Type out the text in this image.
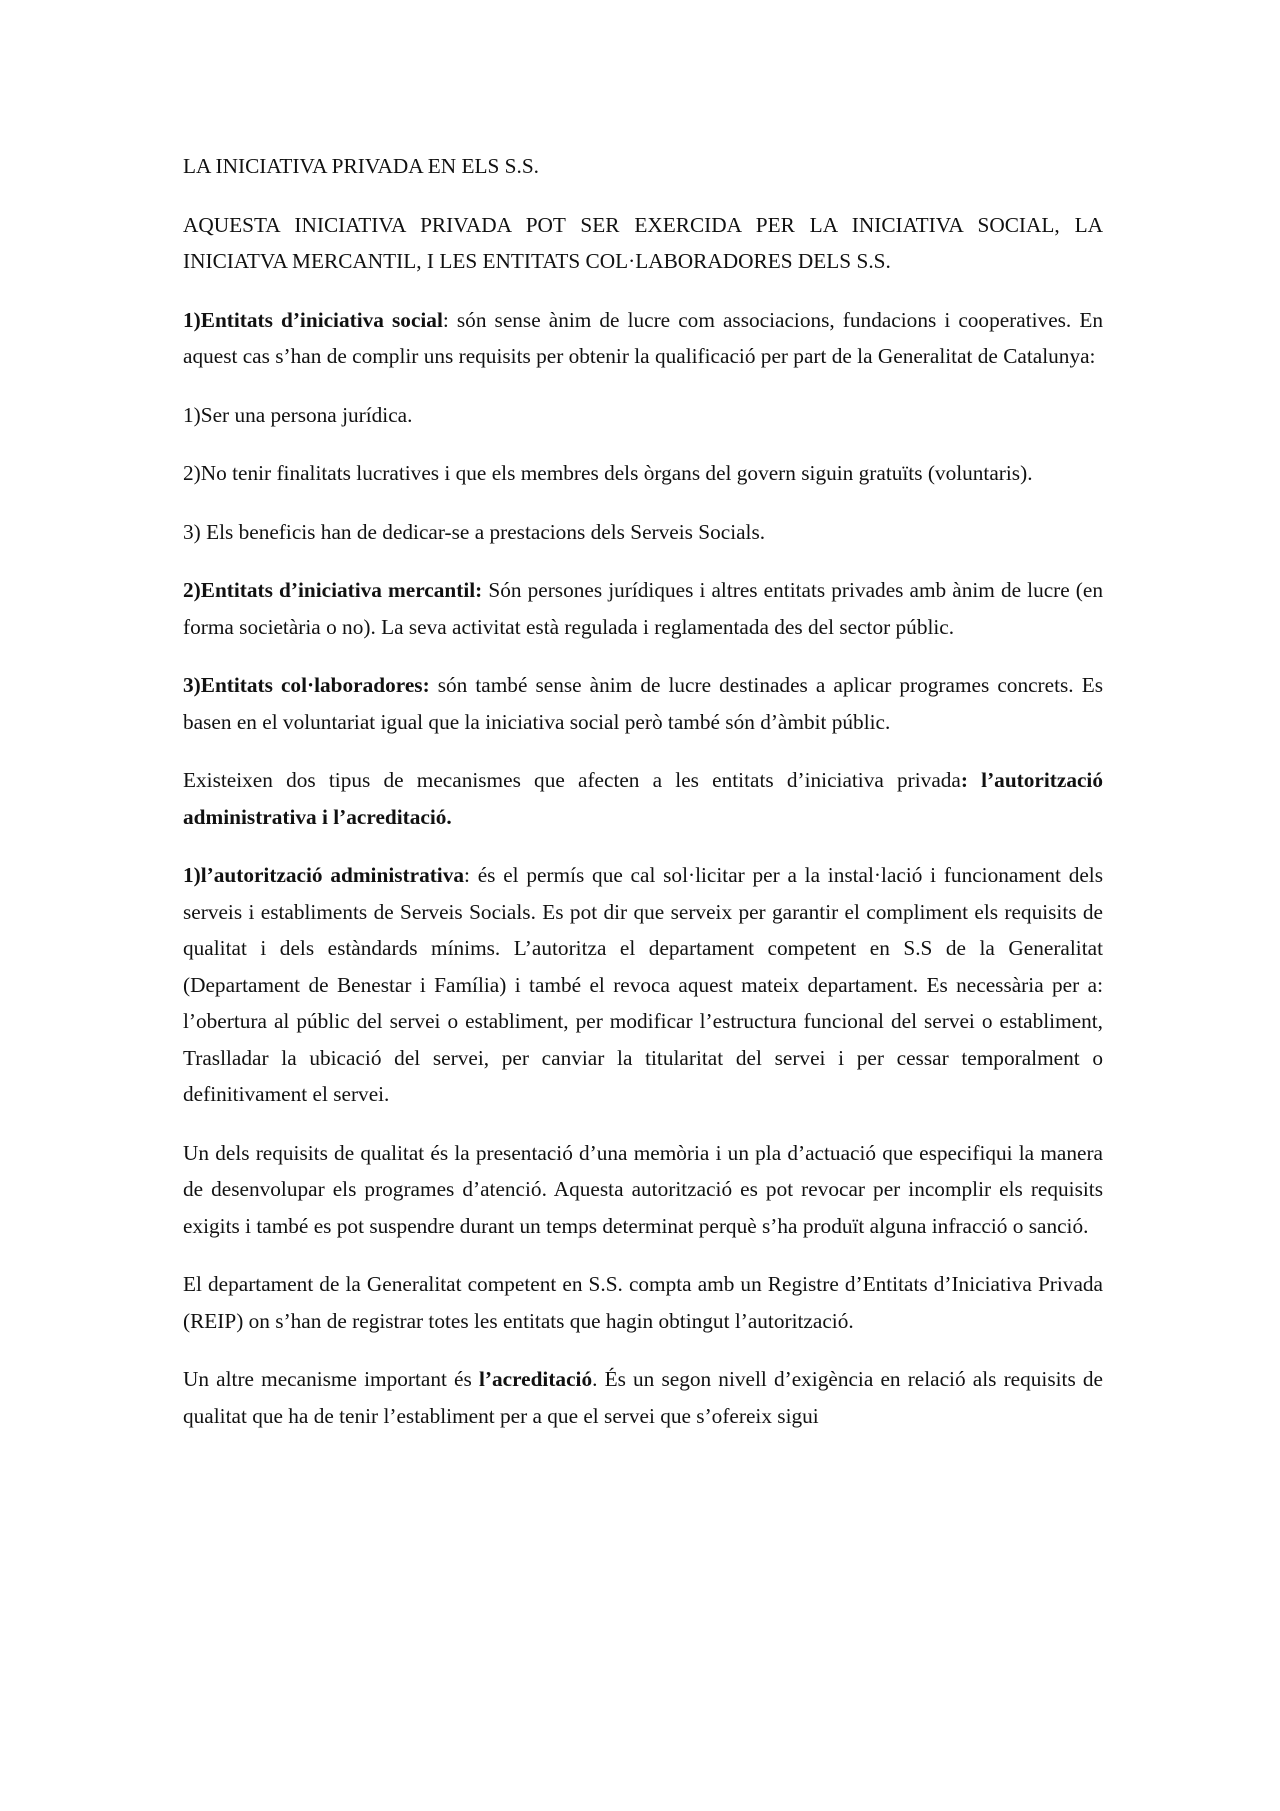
LA INICIATIVA PRIVADA EN ELS S.S.

AQUESTA INICIATIVA PRIVADA POT SER EXERCIDA PER LA INICIATIVA SOCIAL, LA INICIATVA MERCANTIL, I LES ENTITATS COL·LABORADORES DELS S.S.

1)Entitats d’iniciativa social: són sense ànim de lucre com associacions, fundacions i cooperatives. En aquest cas s’han de complir uns requisits per obtenir la qualificació per part de la Generalitat de Catalunya:

1)Ser una persona jurídica.

2)No tenir finalitats lucratives i que els membres dels òrgans del govern siguin gratuïts (voluntaris).

3) Els beneficis han de dedicar-se a prestacions dels Serveis Socials.

2)Entitats d’iniciativa mercantil: Són persones jurídiques i altres entitats privades amb ànim de lucre (en forma societària o no). La seva activitat està regulada i reglamentada des del sector públic.

3)Entitats col·laboradores: són també sense ànim de lucre destinades a aplicar programes concrets. Es basen en el voluntariat igual que la iniciativa social però també són d’àmbit públic.

Existeixen dos tipus de mecanismes que afecten a les entitats d’iniciativa privada: l’autorització administrativa i l’acreditació.

1)l’autorització administrativa: és el permís que cal sol·licitar per a la instal·lació i funcionament dels serveis i establiments de Serveis Socials. Es pot dir que serveix per garantir el compliment els requisits de qualitat i dels estàndards mínims. L’autoritza el departament competent en S.S de la Generalitat (Departament de Benestar i Família) i també el revoca aquest mateix departament. Es necessària per a: l’obertura al públic del servei o establiment, per modificar l’estructura funcional del servei o establiment, Traslladar la ubicació del servei, per canviar la titularitat del servei i per cessar temporalment o definitivament el servei.

Un dels requisits de qualitat és la presentació d’una memòria i un pla d’actuació que especifiqui la manera de desenvolupar els programes d’atenció. Aquesta autorització es pot revocar per incomplir els requisits exigits i també es pot suspendre durant un temps determinat perquè s’ha produït alguna infracció o sanció.

El departament de la Generalitat competent en S.S. compta amb un Registre d’Entitats d’Iniciativa Privada (REIP) on s’han de registrar totes les entitats que hagin obtingut l’autorització.

Un altre mecanisme important és l’acreditació. És un segon nivell d’exigència en relació als requisits de qualitat que ha de tenir l’establiment per a que el servei que s’ofereix sigui
